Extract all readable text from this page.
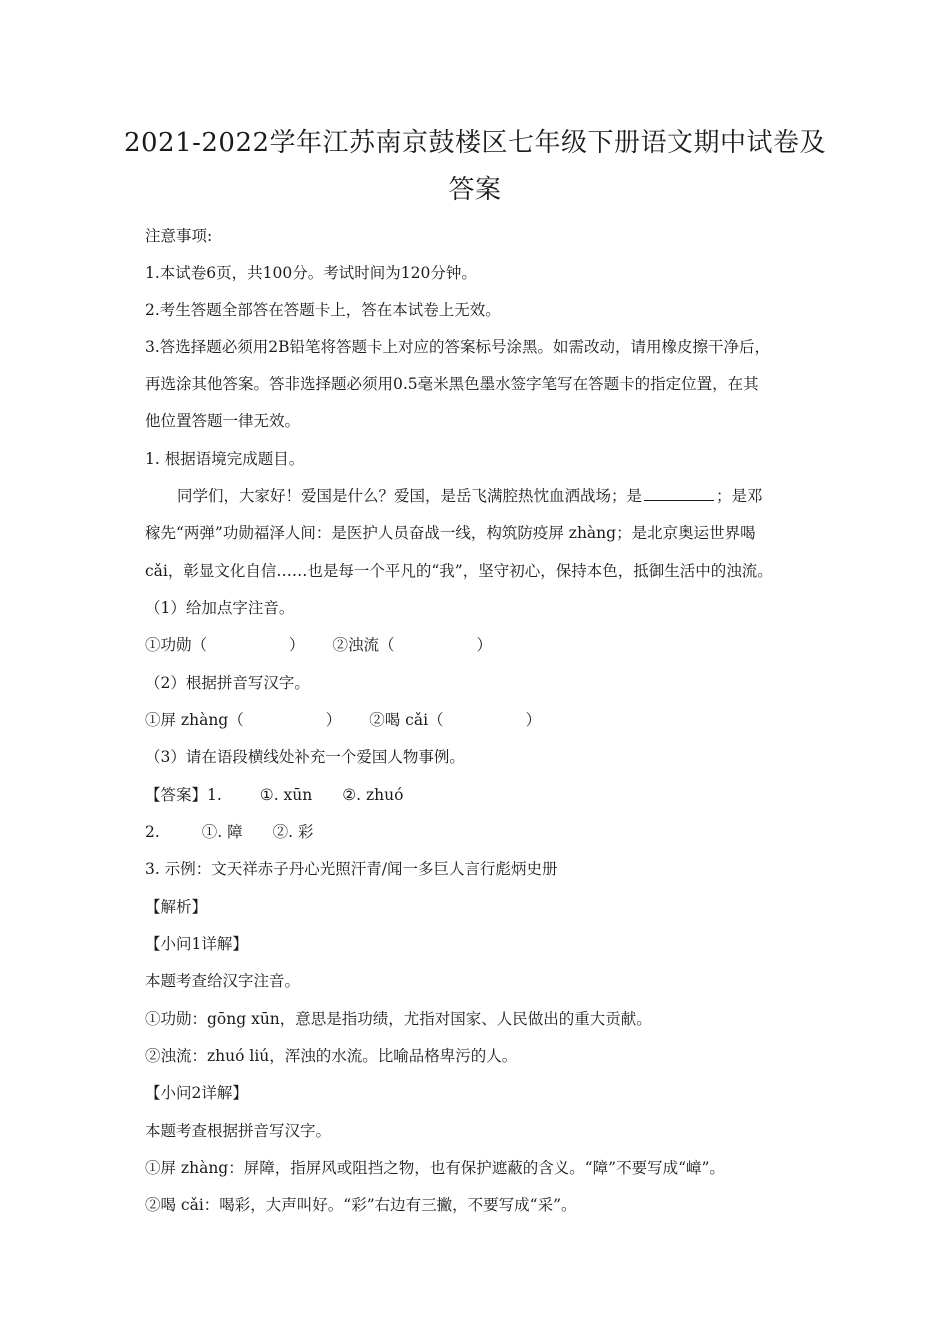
2021-2022学年江苏南京鼓楼区七年级下册语文期中试卷及
答案
注意事项:
1.本试卷6页，共100分。考试时间为120分钟。
2.考生答题全部答在答题卡上，答在本试卷上无效。
3.答选择题必须用2B铅笔将答题卡上对应的答案标号涂黑。如需改动，请用橡皮擦干净后，
再选涂其他答案。答非选择题必须用0.5毫米黑色墨水签字笔写在答题卡的指定位置，在其
他位置答题一律无效。
1. 根据语境完成题目。
同学们，大家好！爱国是什么？爱国，是岳飞满腔热忱血洒战场；是	；是邓
稼先“两弹”功勋福泽人间：是医护人员奋战一线，构筑防疫屏 zhàng；是北京奥运世界喝
cǎi，彰显文化自信……也是每一个平凡的“我”，坚守初心，保持本色，抵御生活中的浊流。
（1）给加点字注音。
①功勋（	） ②浊流（	）
（2）根据拼音写汉字。
①屏 zhàng（	） ②喝 cǎi（	）
（3）请在语段横线处补充一个爱国人物事例。
【答案】1. ①. xūn ②. zhuó
2.	①. 障 ②. 彩
3. 示例：文天祥赤子丹心光照汗青/闻一多巨人言行彪炳史册
【解析】
【小问1详解】
本题考查给汉字注音。
①功勋：gōng xūn，意思是指功绩，尤指对国家、人民做出的重大贡献。
②浊流：zhuó liú，浑浊的水流。比喻品格卑污的人。
【小问2详解】
本题考查根据拼音写汉字。
①屏 zhàng：屏障，指屏风或阻挡之物，也有保护遮蔽的含义。“障”不要写成“嶂”。
②喝 cǎi：喝彩，大声叫好。“彩”右边有三撇，不要写成“采”。
